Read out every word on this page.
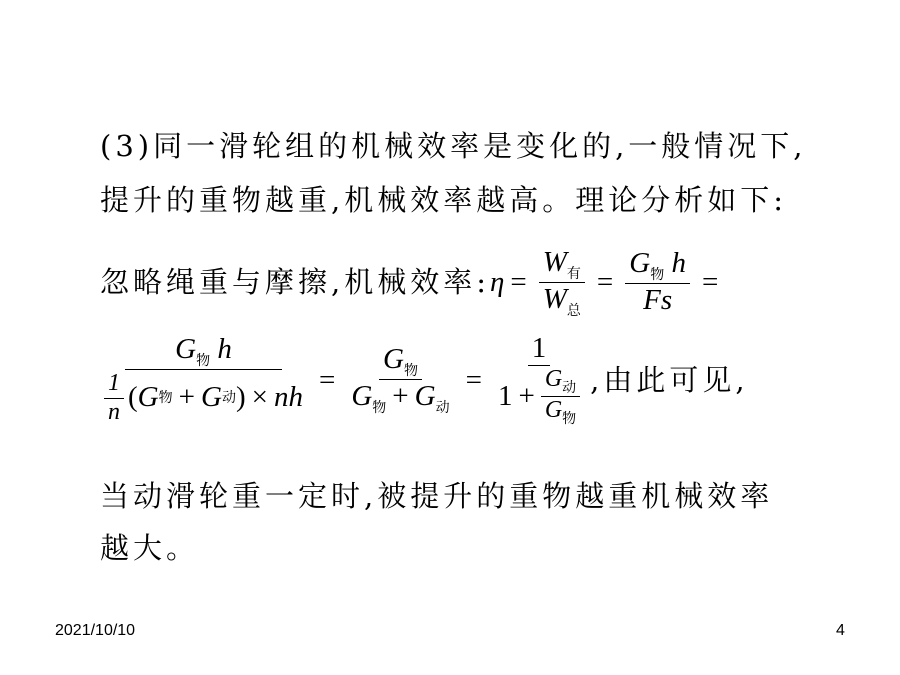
(3)同一滑轮组的机械效率是变化的,一般情况下,
提升的重物越重,机械效率越高。理论分析如下:
忽略绳重与摩擦,机械效率: $\eta = \frac{W_有}{W_总} = \frac{G_物 h}{Fs}$ =
$G_物$ h
$\frac{1}{n}$ ( G 物 + G 动 ) × nh
= $\frac{G_物}{G_物 + G_动} = \frac{1}{1 + \frac{G_动}{G_物}}$ ,由此可见,
当动滑轮重一定时,被提升的重物越重机械效率
越大。
2021/10/10	4
